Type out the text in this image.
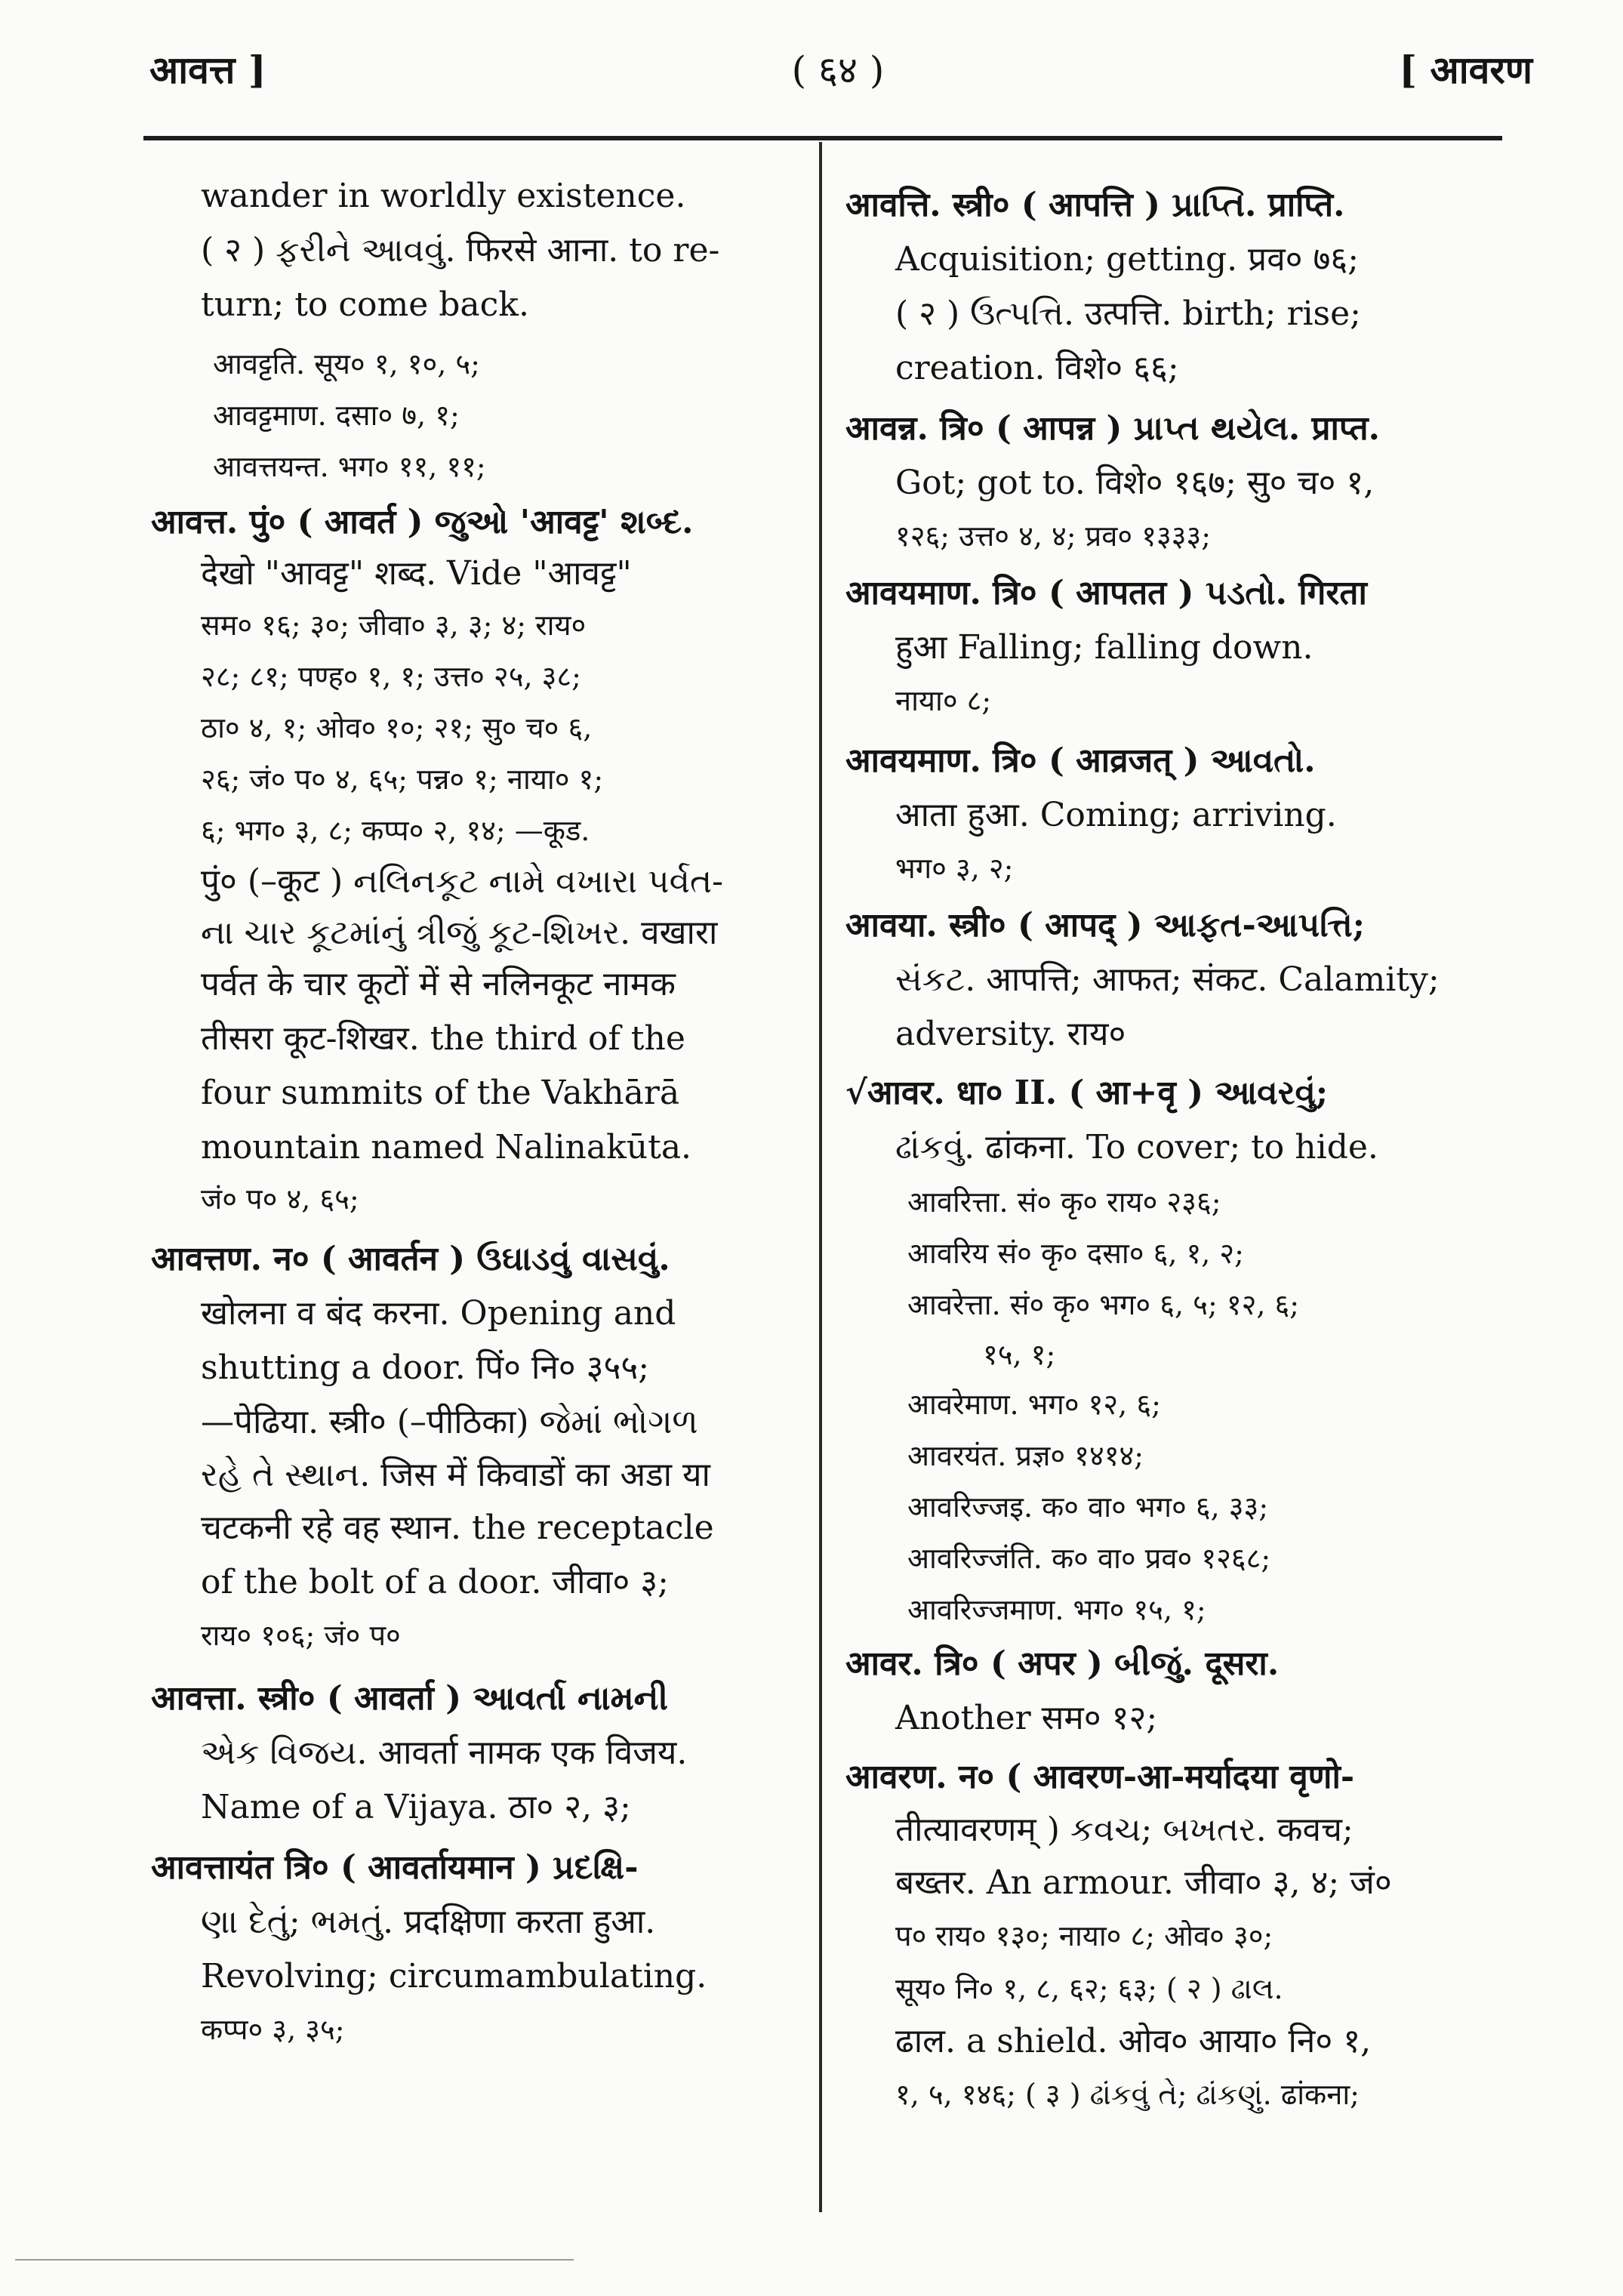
आवत्त ]	( ६४ )	[ आवरण
wander in worldly existence.
( २ ) ફરીને આવવું. फिरसे आना. to re-
turn; to come back.
आवट्टति. सूय० १, १०, ५;
आवट्टमाण. दसा० ७, १;
आवत्तयन्त. भग० ११, ११;
आवत्त. पुं० ( आवर्त ) જુઓ 'आवट्ट' શબ્દ.
देखो "आवट्ट" शब्द. Vide "आवट्ट"
सम० १६; ३०; जीवा० ३, ३; ४; राय०
२८; ८१; पण्ह० १, १; उत्त० २५, ३८;
ठा० ४, १; ओव० १०; २१; सु० च० ६,
२६; जं० प० ४, ६५; पन्न० १; नाया० १;
६; भग० ३, ८; कप्प० २, १४; —कूड.
पुं० (–कूट ) નલિનકૂટ નામે વખારા પર્વત-
ના ચાર કૂટમાંનું ત્રીજું કૂટ-શિખર. वखारा
पर्वत के चार कूटों में से नलिनकूट नामक
तीसरा कूट-शिखर. the third of the
four summits of the Vakhārā
mountain named Nalinakūta.
जं० प० ४, ६५;
आवत्तण. न० ( आवर्तन ) ઉઘાડવું વાસવું.
खोलना व बंद करना. Opening and
shutting a door. पिं० नि० ३५५;
—पेढिया. स्त्री० (–पीठिका) જેમાં ભોગળ
રહે તે સ્થાન. जिस में किवाडों का अडा या
चटकनी रहे वह स्थान. the receptacle
of the bolt of a door. जीवा० ३;
राय० १०६; जं० प०
आवत्ता. स्त्री० ( आवर्ता ) આવર્તા નામની
એક વિજય. आवर्ता नामक एक विजय.
Name of a Vijaya. ठा० २, ३;
आवत्तायंत त्रि० ( आवर्तायमान ) પ્રદક્ષિ-
ણા દેતું; ભમતું. प्रदक्षिणा करता हुआ.
Revolving; circumambulating.
कप्प० ३, ३५;
आवत्ति. स्त्री० ( आपत्ति ) પ્રાપ્તિ. प्राप्ति.
Acquisition; getting. प्रव० ७६;
( २ ) ઉત્પત્તિ. उत्पत्ति. birth; rise;
creation. विशे० ६६;
आवन्न. त्रि० ( आपन्न ) પ્રાપ્ત થયેલ. प्राप्त.
Got; got to. विशे० १६७; सु० च० १,
१२६; उत्त० ४, ४; प्रव० १३३३;
आवयमाण. त्रि० ( आपतत ) પડતો. गिरता
हुआ Falling; falling down.
नाया० ८;
आवयमाण. त्रि० ( आव्रजत् ) આવતો.
आता हुआ. Coming; arriving.
भग० ३, २;
आवया. स्त्री० ( आपद् ) આફત-આપત્તિ;
સંકટ. आपत्ति; आफत; संकट. Calamity;
adversity. राय०
√आवर. धा० II. ( आ+वृ ) આવરવું;
ઢાંકવું. ढांकना. To cover; to hide.
आवरित्ता. सं० कृ० राय० २३६;
आवरिय सं० कृ० दसा० ६, १, २;
आवरेत्ता. सं० कृ० भग० ६, ५; १२, ६;
१५, १;
आवरेमाण. भग० १२, ६;
आवरयंत. प्रज्ञ० १४१४;
आवरिज्जइ. क० वा० भग० ६, ३३;
आवरिज्जंति. क० वा० प्रव० १२६८;
आवरिज्जमाण. भग० १५, १;
आवर. त्रि० ( अपर ) બીજું. दूसरा.
Another सम० १२;
आवरण. न० ( आवरण-आ-मर्यादया वृणो-
तीत्यावरणम् ) કવચ; બખતર. कवच;
बख्तर. An armour. जीवा० ३, ४; जं०
प० राय० १३०; नाया० ८; ओव० ३०;
सूय० नि० १, ८, ६२; ६३; ( २ ) ઢાલ.
ढाल. a shield. ओव० आया० नि० १,
१, ५, १४६; ( ३ ) ઢાંકવું તે; ઢાંકણું. ढांकना;
